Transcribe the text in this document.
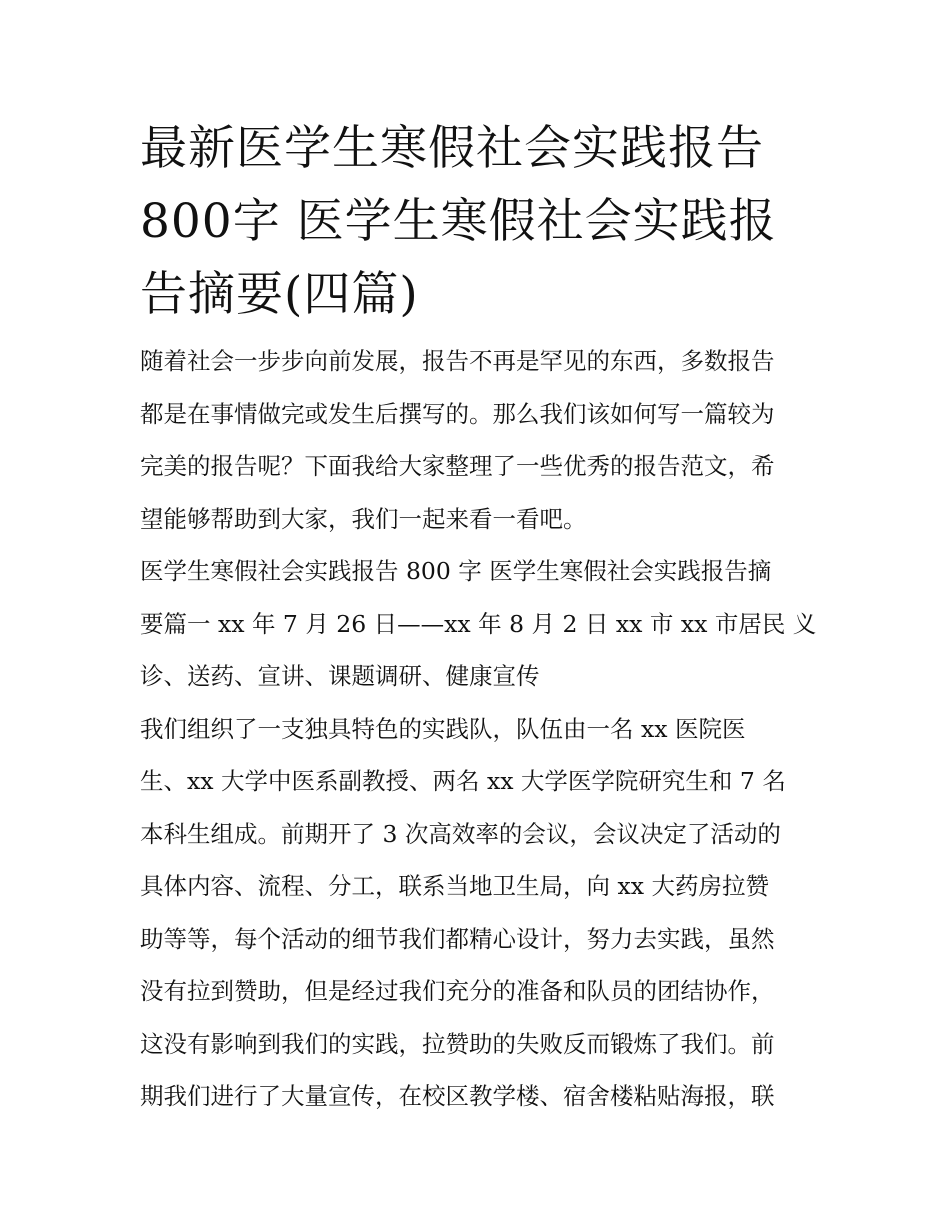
最新医学生寒假社会实践报告
800字 医学生寒假社会实践报
告摘要(四篇)

随着社会一步步向前发展，报告不再是罕见的东西，多数报告
都是在事情做完或发生后撰写的。那么我们该如何写一篇较为
完美的报告呢？下面我给大家整理了一些优秀的报告范文，希
望能够帮助到大家，我们一起来看一看吧。

医学生寒假社会实践报告 800 字 医学生寒假社会实践报告摘
要篇一 xx 年 7 月 26 日——xx 年 8 月 2 日 xx 市 xx 市居民 义
诊、送药、宣讲、课题调研、健康宣传

我们组织了一支独具特色的实践队，队伍由一名 xx 医院医
生、xx 大学中医系副教授、两名 xx 大学医学院研究生和 7 名
本科生组成。前期开了 3 次高效率的会议，会议决定了活动的
具体内容、流程、分工，联系当地卫生局，向 xx 大药房拉赞
助等等，每个活动的细节我们都精心设计，努力去实践，虽然
没有拉到赞助，但是经过我们充分的准备和队员的团结协作，
这没有影响到我们的实践，拉赞助的失败反而锻炼了我们。前
期我们进行了大量宣传，在校区教学楼、宿舍楼粘贴海报，联
